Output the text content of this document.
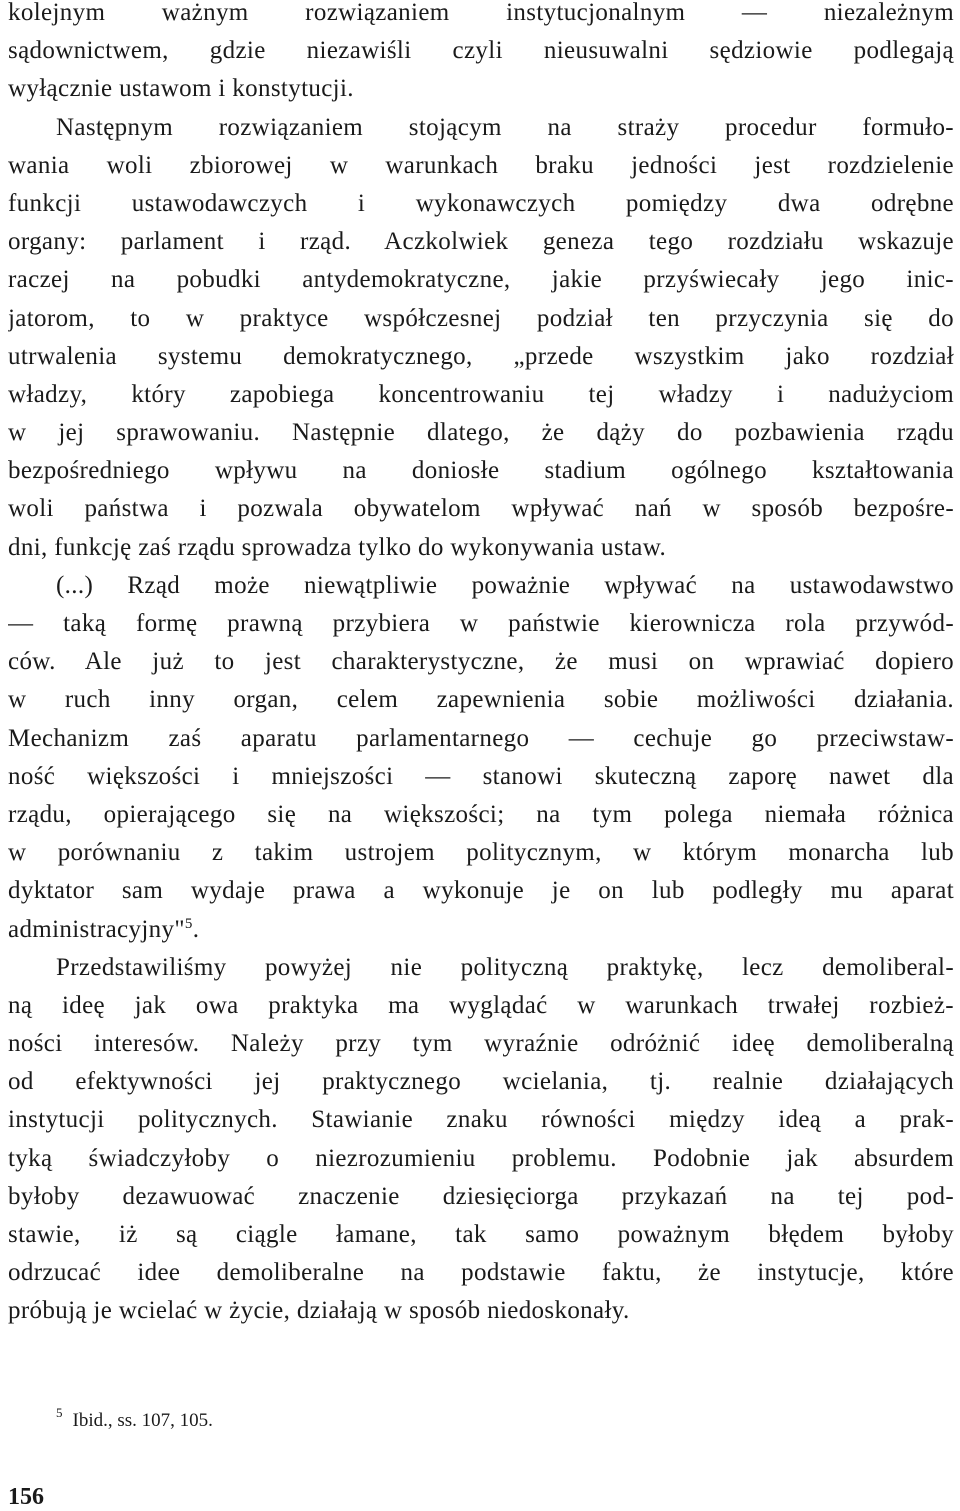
kolejnym ważnym rozwiązaniem instytucjonalnym — niezależnym
sądownictwem, gdzie niezawiśli czyli nieusuwalni sędziowie podlegają
wyłącznie ustawom i konstytucji.
Następnym rozwiązaniem stojącym na straży procedur formuło-
wania woli zbiorowej w warunkach braku jedności jest rozdzielenie
funkcji ustawodawczych i wykonawczych pomiędzy dwa odrębne
organy: parlament i rząd. Aczkolwiek geneza tego rozdziału wskazuje
raczej na pobudki antydemokratyczne, jakie przyświecały jego inic-
jatorom, to w praktyce współczesnej podział ten przyczynia się do
utrwalenia systemu demokratycznego, „przede wszystkim jako rozdział
władzy, który zapobiega koncentrowaniu tej władzy i nadużyciom
w jej sprawowaniu. Następnie dlatego, że dąży do pozbawienia rządu
bezpośredniego wpływu na doniosłe stadium ogólnego kształtowania
woli państwa i pozwala obywatelom wpływać nań w sposób bezpośre-
dni, funkcję zaś rządu sprowadza tylko do wykonywania ustaw.
(...) Rząd może niewątpliwie poważnie wpływać na ustawodawstwo
— taką formę prawną przybiera w państwie kierownicza rola przywód-
ców. Ale już to jest charakterystyczne, że musi on wprawiać dopiero
w ruch inny organ, celem zapewnienia sobie możliwości działania.
Mechanizm zaś aparatu parlamentarnego — cechuje go przeciwstaw-
ność większości i mniejszości — stanowi skuteczną zaporę nawet dla
rządu, opierającego się na większości; na tym polega niemała różnica
w porównaniu z takim ustrojem politycznym, w którym monarcha lub
dyktator sam wydaje prawa a wykonuje je on lub podległy mu aparat
administracyjny"$^5$.
Przedstawiliśmy powyżej nie polityczną praktykę, lecz demoliberal-
ną ideę jak owa praktyka ma wyglądać w warunkach trwałej rozbież-
ności interesów. Należy przy tym wyraźnie odróżnić ideę demoliberalną
od efektywności jej praktycznego wcielania, tj. realnie działających
instytucji politycznych. Stawianie znaku równości między ideą a prak-
tyką świadczyłoby o niezrozumieniu problemu. Podobnie jak absurdem
byłoby dezawuować znaczenie dziesięciorga przykazań na tej pod-
stawie, iż są ciągle łamane, tak samo poważnym błędem byłoby
odrzucać idee demoliberalne na podstawie faktu, że instytucje, które
próbują je wcielać w życie, działają w sposób niedoskonały.
$^5$ Ibid., ss. 107, 105.
156
